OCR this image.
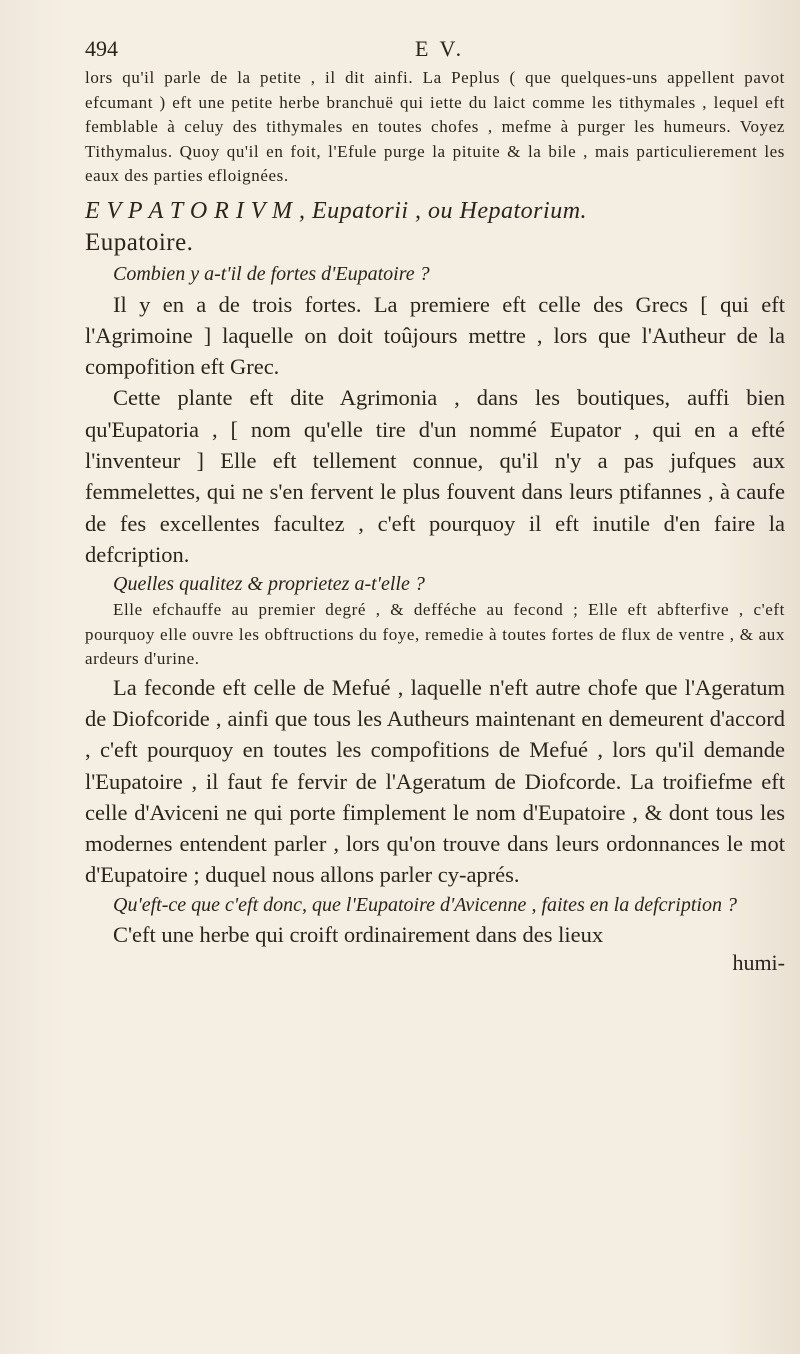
494	E V.

lors qu'il parle de la petite , il dit ainfi. La Peplus ( que quelques-uns appellent pavot efcumant ) eft une petite herbe branchuë qui iette du laict comme les tithymales , lequel eft femblable à celuy des tithymales en toutes chofes , mefme à purger les humeurs. Voyez Tithymalus. Quoy qu'il en foit, l'Efule purge la pituite & la bile , mais particulierement les eaux des parties efloignées.

E V P A T O R I V M , Eupatorii , ou Hepatorium.

Eupatoire.

Combien y a-t'il de fortes d'Eupatoire ?

Il y en a de trois fortes. La premiere eft celle des Grecs [ qui eft l'Agrimoine ] laquelle on doit toûjours mettre , lors que l'Autheur de la compofition eft Grec.

Cette plante eft dite Agrimonia , dans les boutiques, auffi bien qu'Eupatoria , [ nom qu'elle tire d'un nommé Eupator , qui en a efté l'inventeur ] Elle eft tellement connue, qu'il n'y a pas jufques aux femmelettes, qui ne s'en fervent le plus fouvent dans leurs ptifannes , à caufe de fes excellentes facultez , c'eft pourquoy il eft inutile d'en faire la defcription.

Quelles qualitez & proprietez a-t'elle ?

Elle efchauffe au premier degré , & defféche au fecond ; Elle eft abfterfive , c'eft pourquoy elle ouvre les obftructions du foye, remedie à toutes fortes de flux de ventre , & aux ardeurs d'urine.

La feconde eft celle de Mefué , laquelle n'eft autre chofe que l'Ageratum de Diofcoride , ainfi que tous les Autheurs maintenant en demeurent d'accord , c'eft pourquoy en toutes les compofitions de Mefué , lors qu'il demande l'Eupatoire , il faut fe fervir de l'Ageratum de Diofcorde. La troifiefme eft celle d'Aviceni ne qui porte fimplement le nom d'Eupatoire , & dont tous les modernes entendent parler , lors qu'on trouve dans leurs ordonnances le mot d'Eupatoire ; duquel nous allons parler cy-aprés.

Qu'eft-ce que c'eft donc, que l'Eupatoire d'Avicenne , faites en la defcription ?

C'eft une herbe qui croift ordinairement dans des lieux

humi-
